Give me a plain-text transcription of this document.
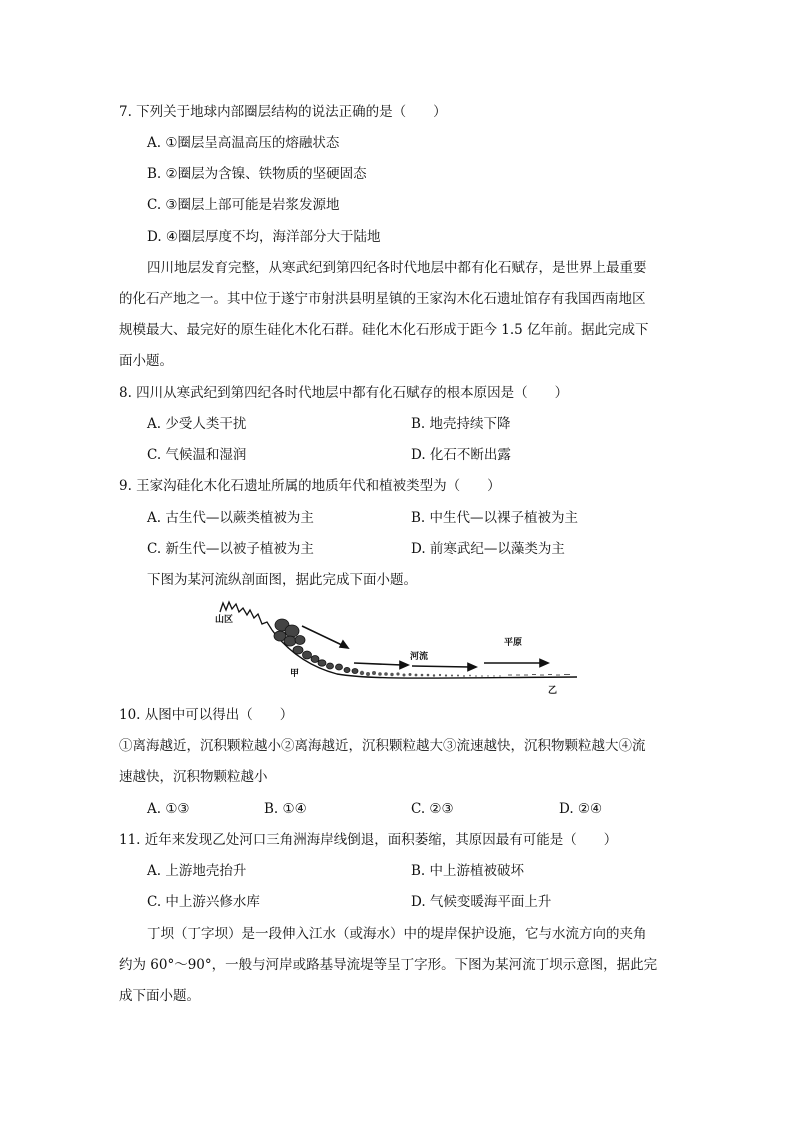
7. 下列关于地球内部圈层结构的说法正确的是（　　）
A. ①圈层呈高温高压的熔融状态
B. ②圈层为含镍、铁物质的坚硬固态
C. ③圈层上部可能是岩浆发源地
D. ④圈层厚度不均，海洋部分大于陆地
四川地层发育完整，从寒武纪到第四纪各时代地层中都有化石赋存，是世界上最重要
的化石产地之一。其中位于遂宁市射洪县明星镇的王家沟木化石遗址馆存有我国西南地区
规模最大、最完好的原生硅化木化石群。硅化木化石形成于距今 1.5 亿年前。据此完成下
面小题。
8. 四川从寒武纪到第四纪各时代地层中都有化石赋存的根本原因是（　　）
A. 少受人类干扰	B. 地壳持续下降
C. 气候温和湿润	D. 化石不断出露
9. 王家沟硅化木化石遗址所属的地质年代和植被类型为（　　）
A. 古生代—以蕨类植被为主	B. 中生代—以裸子植被为主
C. 新生代—以被子植被为主	D. 前寒武纪—以藻类为主
下图为某河流纵剖面图，据此完成下面小题。
山区
平原
河流
甲
乙
10. 从图中可以得出（　　）
①离海越近，沉积颗粒越小②离海越近，沉积颗粒越大③流速越快，沉积物颗粒越大④流
速越快，沉积物颗粒越小
A. ①③	B. ①④	C. ②③	D. ②④
11. 近年来发现乙处河口三角洲海岸线倒退，面积萎缩，其原因最有可能是（　　）
A. 上游地壳抬升	B. 中上游植被破坏
C. 中上游兴修水库	D. 气候变暖海平面上升
丁坝（丁字坝）是一段伸入江水（或海水）中的堤岸保护设施，它与水流方向的夹角
约为 60°～90°，一般与河岸或路基导流堤等呈丁字形。下图为某河流丁坝示意图，据此完
成下面小题。
